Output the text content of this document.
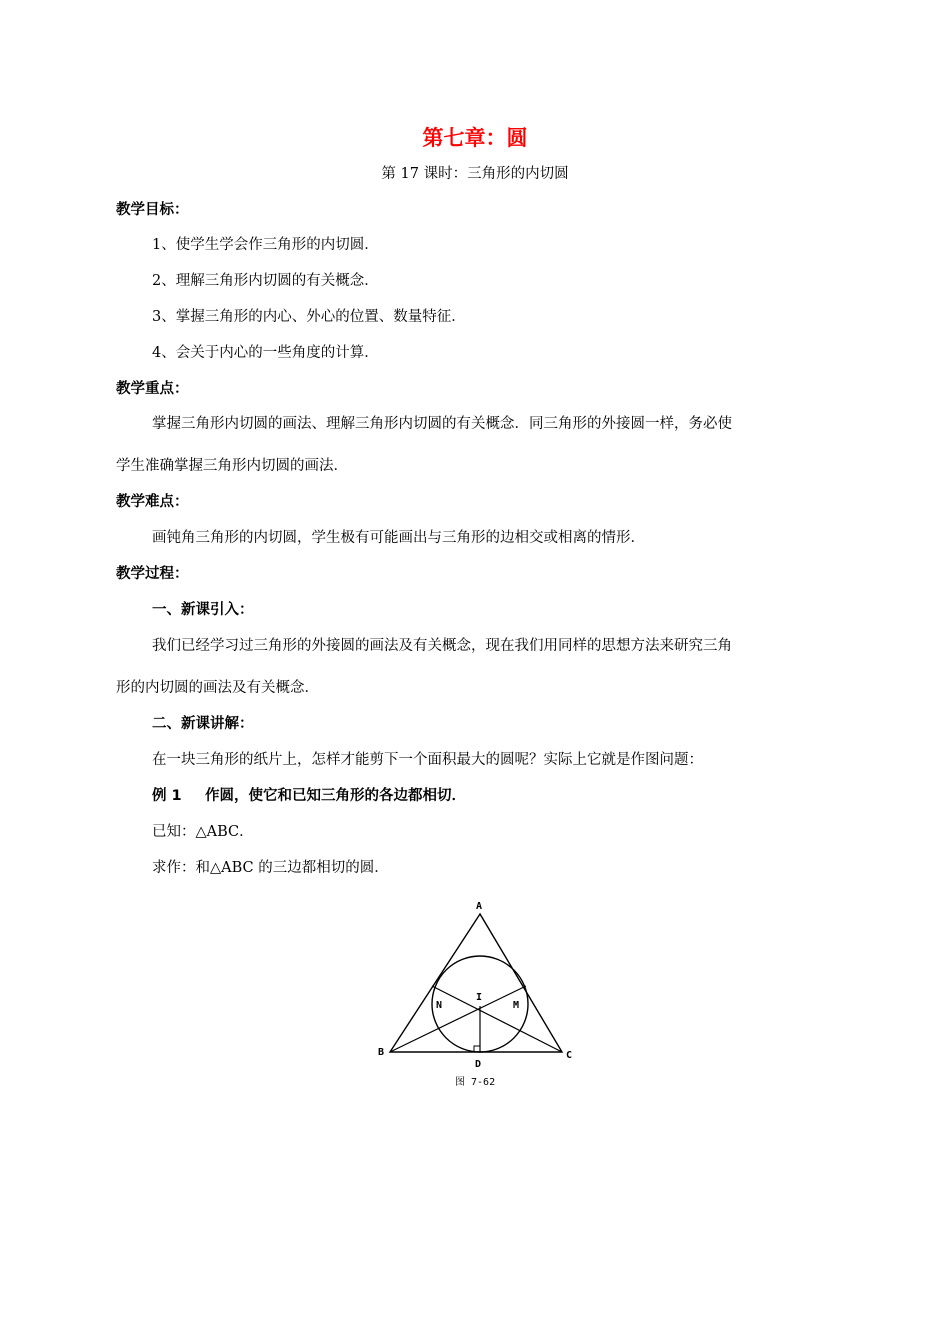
第七章：圆
第 17 课时：三角形的内切圆
教学目标：
1、使学生学会作三角形的内切圆．
2、理解三角形内切圆的有关概念．
3、掌握三角形的内心、外心的位置、数量特征．
4、会关于内心的一些角度的计算．
教学重点：
掌握三角形内切圆的画法、理解三角形内切圆的有关概念．同三角形的外接圆一样，务必使
学生准确掌握三角形内切圆的画法．
教学难点：
画钝角三角形的内切圆，学生极有可能画出与三角形的边相交或相离的情形．
教学过程：
一、新课引入：
我们已经学习过三角形的外接圆的画法及有关概念，现在我们用同样的思想方法来研究三角
形的内切圆的画法及有关概念．
二、新课讲解：
在一块三角形的纸片上，怎样才能剪下一个面积最大的圆呢？实际上它就是作图问题：
例 1 作圆，使它和已知三角形的各边都相切．
已知：△ABC．
求作：和△ABC 的三边都相切的圆．
A
B	C
D
I
M
N
图 7-62
